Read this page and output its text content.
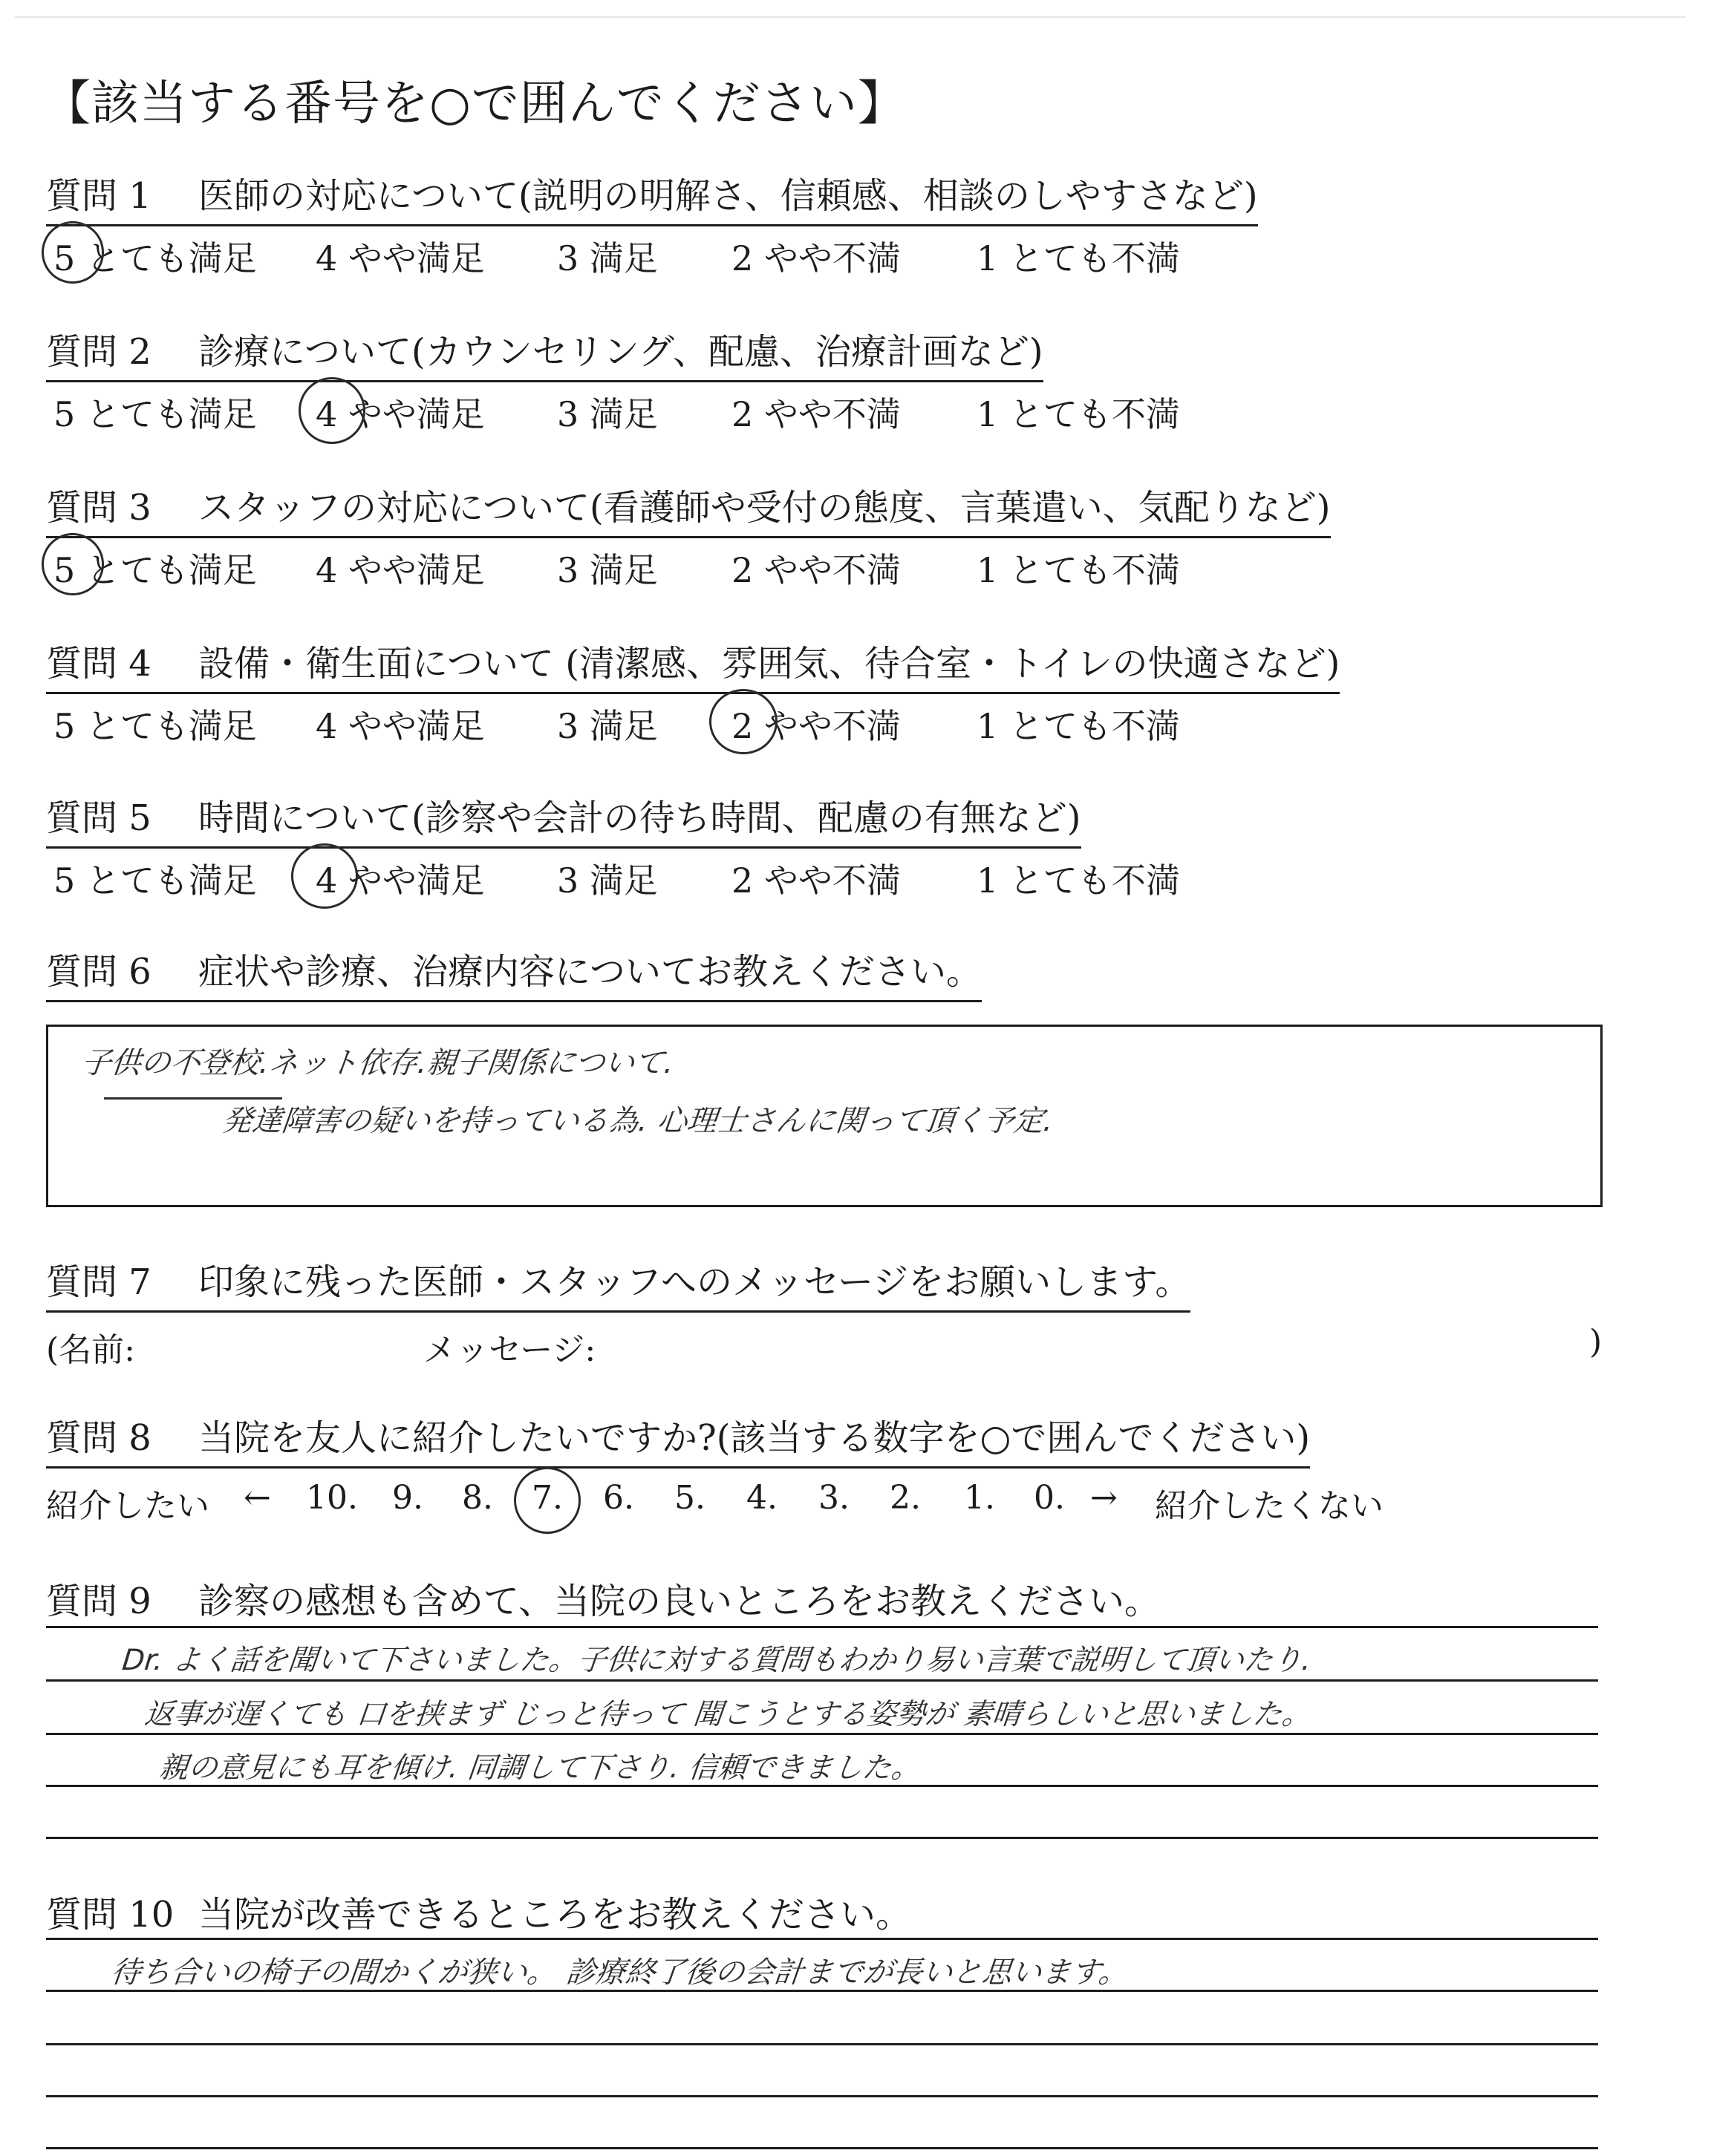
【該当する番号を○で囲んでください】
質問 1 医師の対応について(説明の明解さ、信頼感、相談のしやすさなど)
5 とても満足 4 やや満足 3 満足 2 やや不満 1 とても不満
質問 2 診療について(カウンセリング、配慮、治療計画など)
5 とても満足 4 やや満足 3 満足 2 やや不満 1 とても不満
質問 3 スタッフの対応について(看護師や受付の態度、言葉遣い、気配りなど)
5 とても満足 4 やや満足 3 満足 2 やや不満 1 とても不満
質問 4 設備・衛生面について (清潔感、雰囲気、待合室・トイレの快適さなど)
5 とても満足 4 やや満足 3 満足 2 やや不満 1 とても不満
質問 5 時間について(診察や会計の待ち時間、配慮の有無など)
5 とても満足 4 やや満足 3 満足 2 やや不満 1 とても不満
質問 6 症状や診療、治療内容についてお教えください。
子供の不登校.ネット依存.親子関係について.
発達障害の疑いを持っている為. 心理士さんに関って頂く予定.
質問 7 印象に残った医師・スタッフへのメッセージをお願いします。
(名前:	メッセージ:	)
質問 8 当院を友人に紹介したいですか?(該当する数字を○で囲んでください)
紹介したい ← 10. 9. 8. 7. 6. 5. 4. 3. 2. 1. 0. → 紹介したくない
質問 9 診察の感想も含めて、当院の良いところをお教えください。
Dr. よく話を聞いて下さいました。子供に対する質問もわかり易い言葉で説明して頂いたり.
返事が遅くても 口を挟まず じっと待って 聞こうとする姿勢が 素晴らしいと思いました。
親の意見にも耳を傾け. 同調して下さり. 信頼できました。
質問 10 当院が改善できるところをお教えください。
待ち合いの椅子の間かくが狭い。 診療終了後の会計までが長いと思います。
